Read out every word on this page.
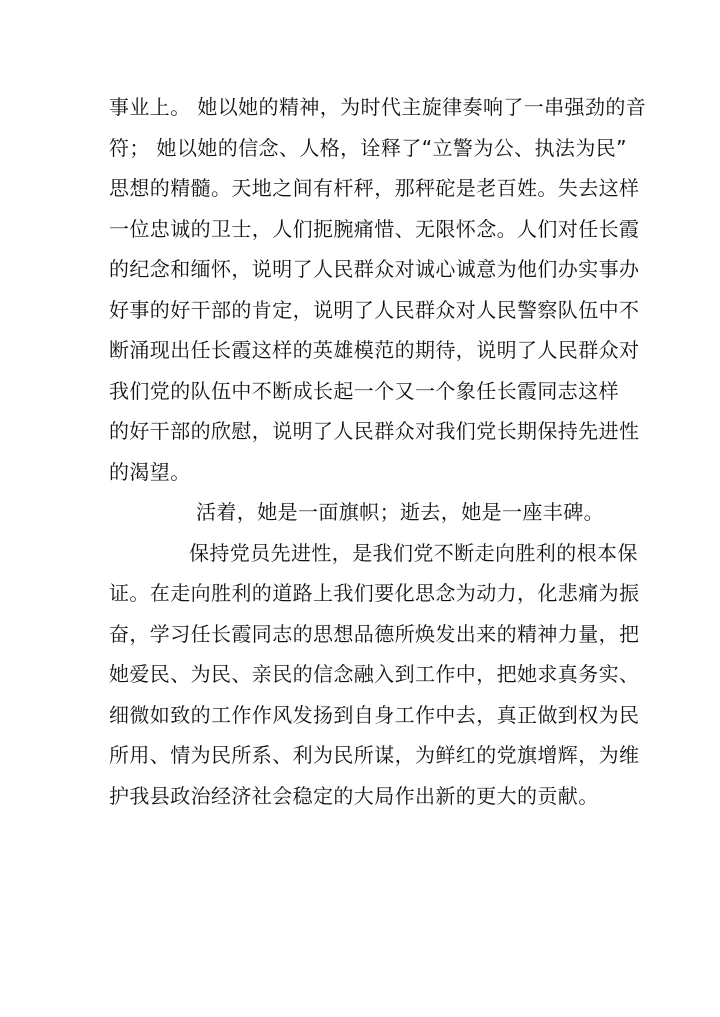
事业上。 她以她的精神，为时代主旋律奏响了一串强劲的音
符； 她以她的信念、人格，诠释了“立警为公、执法为民”
思想的精髓。天地之间有杆秤，那秤砣是老百姓。失去这样
一位忠诚的卫士，人们扼腕痛惜、无限怀念。人们对任长霞
的纪念和缅怀，说明了人民群众对诚心诚意为他们办实事办
好事的好干部的肯定，说明了人民群众对人民警察队伍中不
断涌现出任长霞这样的英雄模范的期待，说明了人民群众对
我们党的队伍中不断成长起一个又一个象任长霞同志这样
的好干部的欣慰，说明了人民群众对我们党长期保持先进性
的渴望。
活着，她是一面旗帜；逝去，她是一座丰碑。
保持党员先进性，是我们党不断走向胜利的根本保
证。在走向胜利的道路上我们要化思念为动力，化悲痛为振
奋，学习任长霞同志的思想品德所焕发出来的精神力量，把
她爱民、为民、亲民的信念融入到工作中，把她求真务实、
细微如致的工作作风发扬到自身工作中去，真正做到权为民
所用、情为民所系、利为民所谋，为鲜红的党旗增辉，为维
护我县政治经济社会稳定的大局作出新的更大的贡献。
